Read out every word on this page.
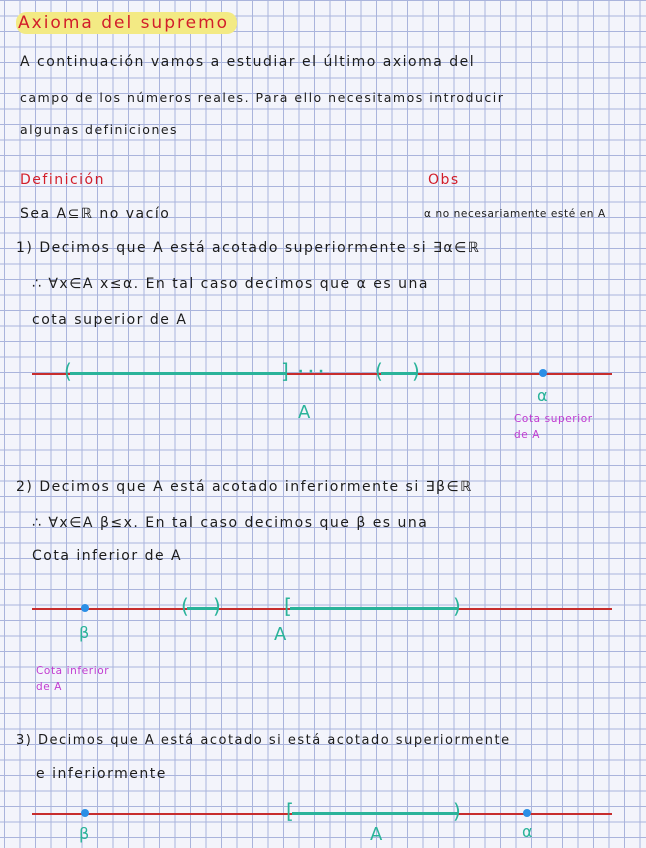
Axioma del supremo
A continuación vamos a estudiar el último axioma del
campo de los números reales. Para ello necesitamos introducir
algunas definiciones
Definición	Obs
Sea A⊆ℝ no vacío	α no necesariamente esté en A
1) Decimos que A está acotado superiormente si ∃α∈ℝ
∴ ∀x∈A x≤α. En tal caso decimos que α es una
cota superior de A
(	] · · ·	( )
A
α
Cota superior
de A
2) Decimos que A está acotado inferiormente si ∃β∈ℝ
∴ ∀x∈A β≤x. En tal caso decimos que β es una
Cota inferior de A
( )	[	)
β	A
Cota inferior
de A
3) Decimos que A está acotado si está acotado superiormente
e inferiormente
[	)
β	A	α
